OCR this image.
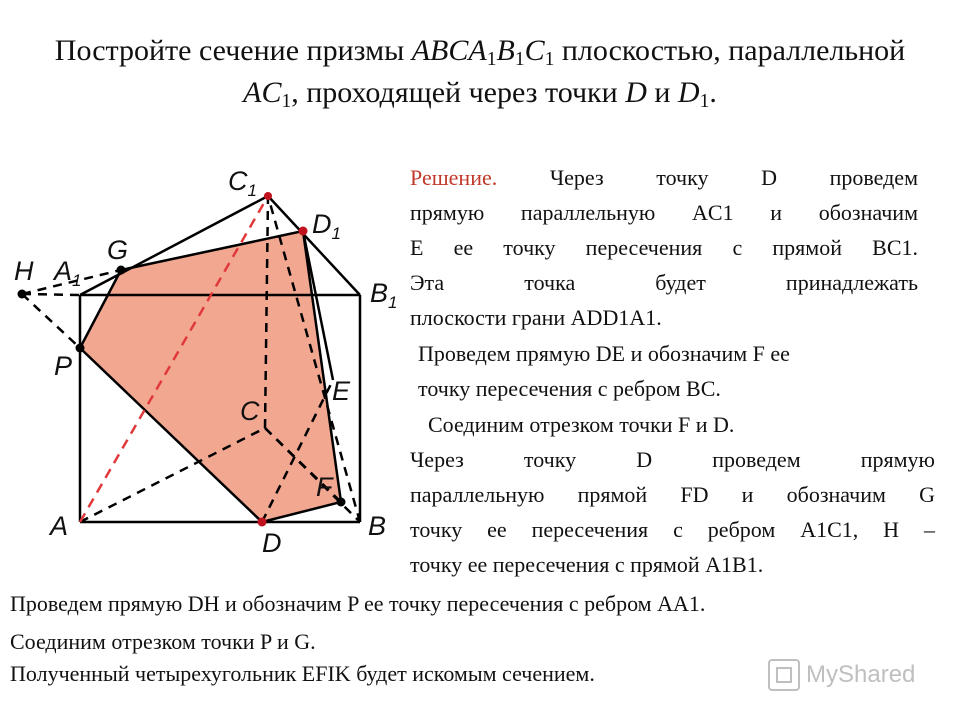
Постройте сечение призмы $ABCA_1B_1C_1$ плоскостью, параллельной
$AC_1$, проходящей через точки D и $D_1$.
$C_1$
$D_1$
G
H $A_1$	$B_1$
P
C
E
F
A	B
D
Решение. Через точку D проведем
прямую параллельную AC1 и обозначим
E ее точку пересечения с прямой BC1.
Эта точка будет принадлежать
плоскости грани ADD1A1.
Проведем прямую DE и обозначим F ее
точку пересечения с ребром BC.
Соединим отрезком точки F и D.
Через точку D проведем прямую
параллельную прямой FD и обозначим G
точку ее пересечения с ребром A1C1, H –
точку ее пересечения с прямой A1B1.
Проведем прямую DH и обозначим P ее точку пересечения с ребром AA1.
Соединим отрезком точки P и G.
Полученный четырехугольник EFIK будет искомым сечением.	MyShared
